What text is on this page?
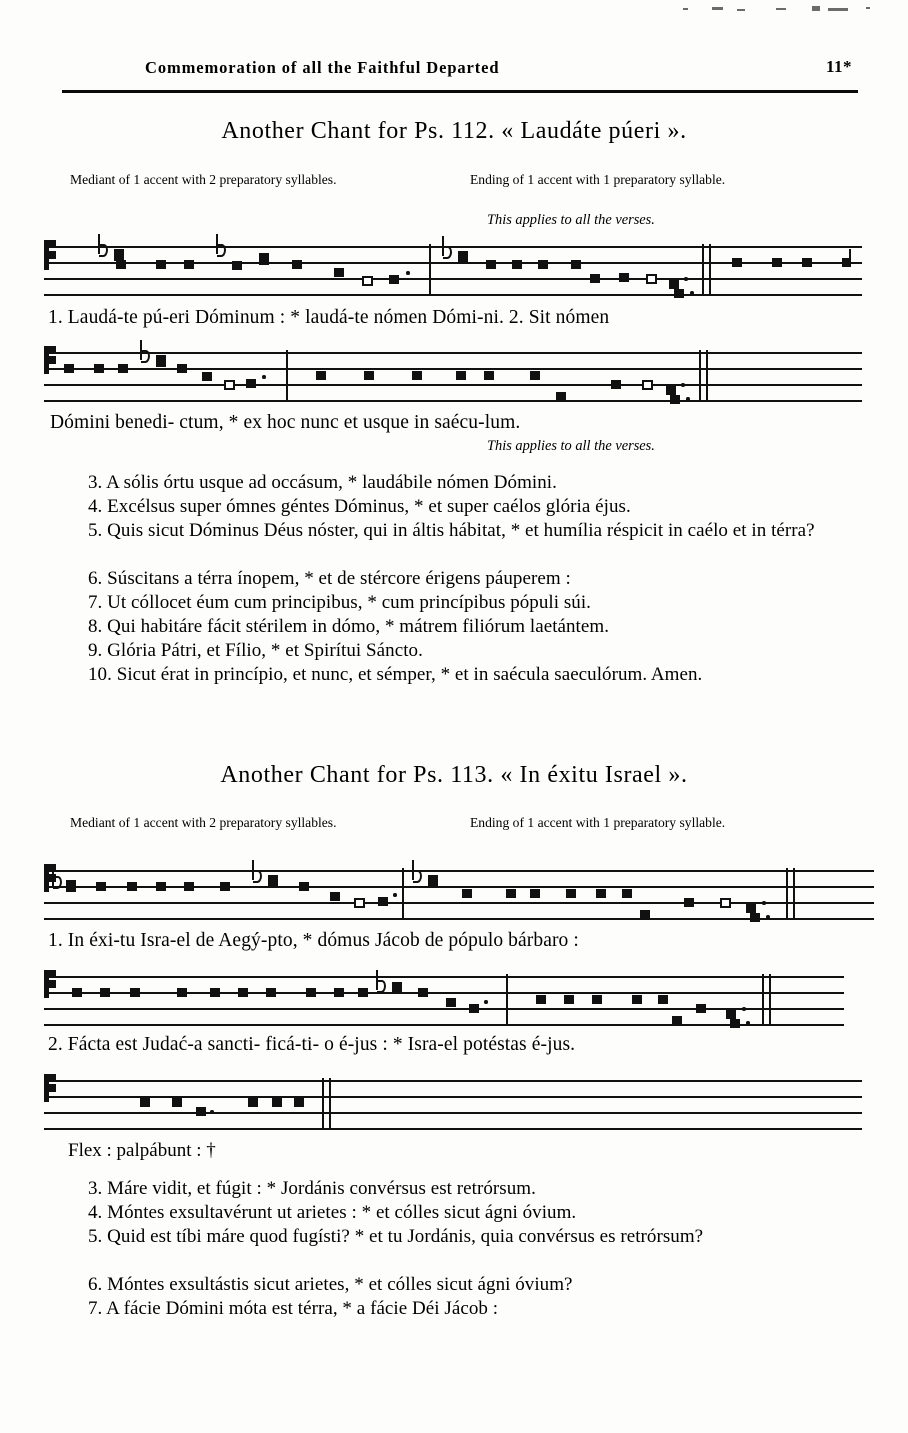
Commemoration of all the Faithful Departed	11*
Another Chant for Ps. 112. « Laudáte púeri ».
Mediant of 1 accent with 2 preparatory syllables.	Ending of 1 accent with 1 preparatory syllable.
This applies to all the verses.
1. Laudá-te pú-eri Dóminum : * laudá-te nómen Dómi-ni. 2. Sit nómen
Dómini benedi- ctum, * ex hoc nunc et usque in saécu-lum.
This applies to all the verses.
3. A sólis órtu usque ad occásum, * laudábile nómen Dómini.
4. Excélsus super ómnes géntes Dóminus, * et super caélos glória éjus.
5. Quis sicut Dóminus Déus nóster, qui in áltis hábitat, * et humília réspicit in caélo et in térra?
6. Súscitans a térra ínopem, * et de stércore érigens páuperem :
7. Ut cóllocet éum cum prinсipibus, * cum princípibus pópuli súi.
8. Qui habitáre fácit stérilem in dómo, * mátrem filiórum laetántem.
9. Glória Pátri, et Fílio, * et Spirítui Sáncto.
10. Sicut érat in princípio, et nunc, et sémper, * et in saécula saeculórum. Amen.
Another Chant for Ps. 113. « In éxitu Israel ».
Mediant of 1 accent with 2 preparatory syllables.	Ending of 1 accent with 1 preparatory syllable.
1. In éxi-tu Isra-el de Aegý-pto, * dómus Jácob de pópulo bárbaro :
2. Fácta est Judać-a sancti- ficá-ti- o é-jus : * Isra-el potéstas é-jus.
Flex : palpábunt : †
3. Máre vidit, et fúgit : * Jordánis convérsus est retrórsum.
4. Móntes exsultavérunt ut arietes : * et cólles sicut ágni óvium.
5. Quid est tíbi máre quod fugísti? * et tu Jordánis, quia convérsus es retrórsum?
6. Móntes exsultástis sicut arietes, * et cólles sicut ágni óvium?
7. A fácie Dómini móta est térra, * a fácie Déi Jácob :
